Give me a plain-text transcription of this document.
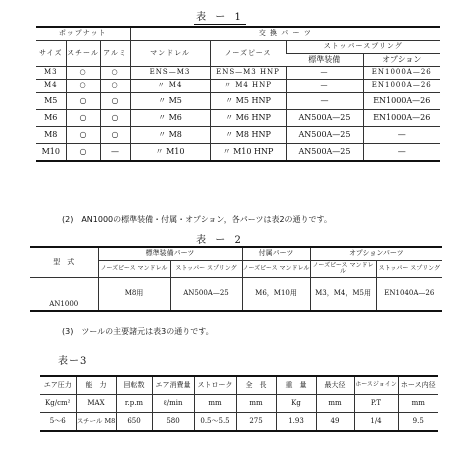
表 ー 1
ポップナット			交 換 パ ー ツ			
サイズ	スチール	アルミ	マンドレル	ノーズピース	ストッパースプリング	
					標準装備	オプション
M3	○	○	ENS—M3	ENS—M3 HNP	—	EN1000A—26
M4	○	○	〃 M4	〃 M4 HNP	—	EN1000A—26
M5	○	○	〃 M5	〃 M5 HNP	—	EN1000A—26
M6	○	○	〃 M6	〃 M6 HNP	AN500A—25	EN1000A—26
M8	○	○	〃 M8	〃 M8 HNP	AN500A—25	—
M10	○	—	〃 M10	〃 M10 HNP	AN500A—25	—
(2)　AN1000の標準装備・付属・オプション，各パーツは表2の通りです。
表 ー 2
型　式	標準装備パーツ		付属パーツ	オプションパーツ	
	ノーズピース マンドレル	ストッパー スプリング	ノーズピース マンドレル	ノーズピース マンドレル	ストッパー スプリング
AN1000	M8用	AN500A—25	M6，M10用	M3，M4，M5用	EN1040A—26
(3)　ツールの主要諸元は表3の通りです。
表ー3
エア圧力	能　力	回転数	エア消費量	ストローク	全　長	重　量	最大径	ホースジョイン	ホース内径
Kg/cm²	MAX	r.p.m	ℓ/min	mm	mm	Kg	mm	P.T	mm
5〜6	スチール M8	650	580	0.5〜5.5	275	1.93	49	1/4	9.5
